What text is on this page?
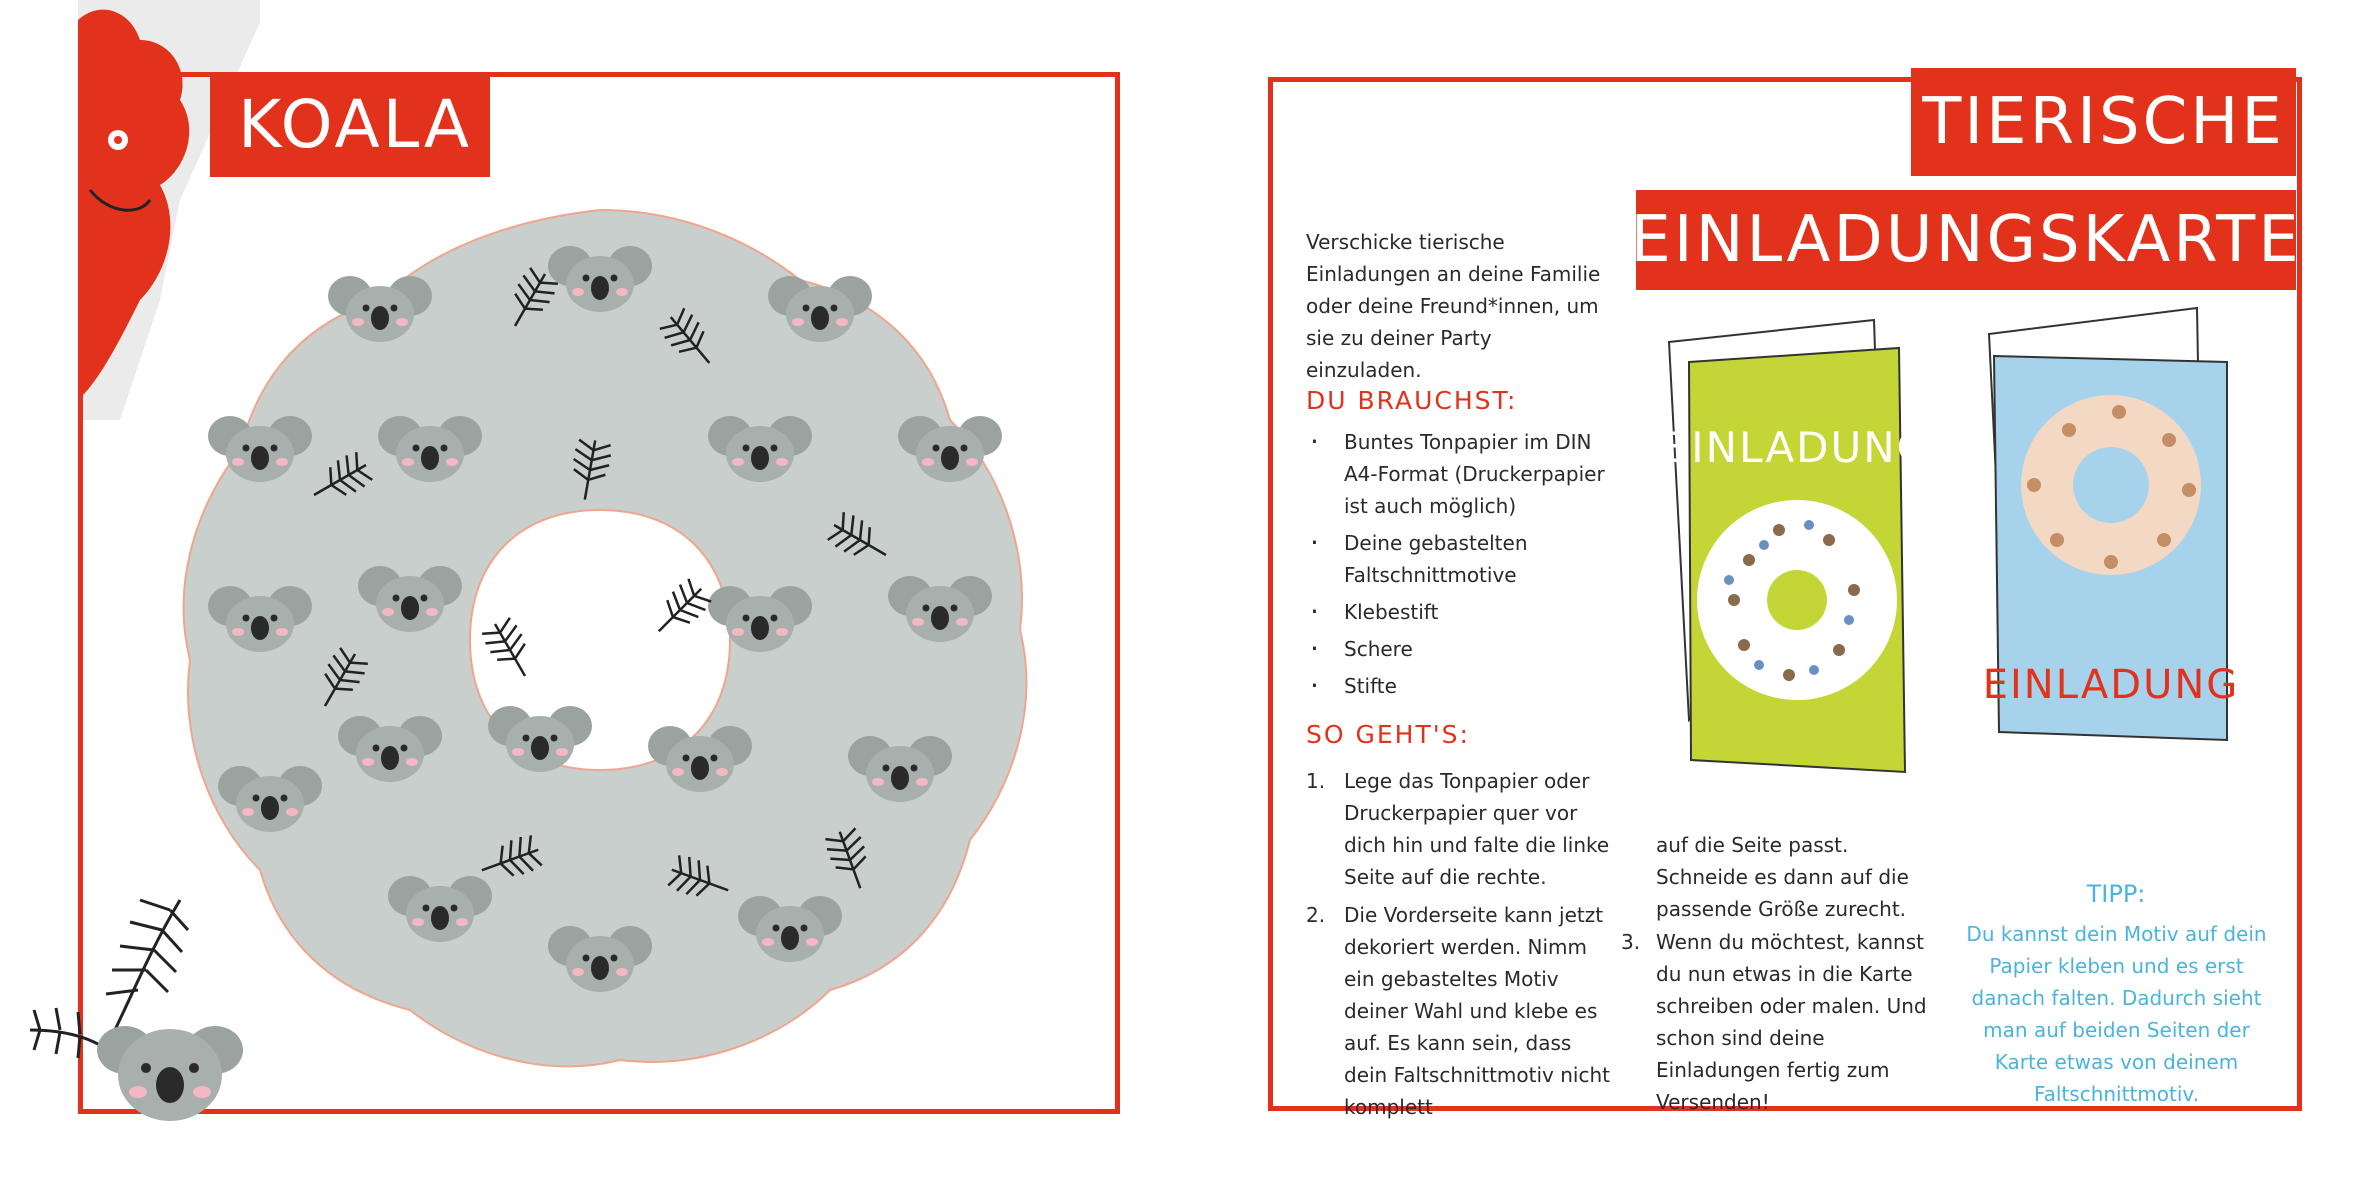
KOALA	TIERISCHE
EINLADUNGSKARTE
Verschicke tierische Einladungen an deine Familie oder deine Freund*innen, um sie zu deiner Party einzuladen.
DU BRAUCHST:
· Buntes Tonpapier im DIN A4-Format (Druckerpapier ist auch möglich)
· Deine gebastelten Faltschnittmotive
· Klebestift
· Schere
· Stifte
SO GEHT'S:
1. Lege das Tonpapier oder Druckerpapier quer vor dich hin und falte die linke Seite auf die rechte.
2. Die Vorderseite kann jetzt dekoriert werden. Nimm ein gebasteltes Motiv deiner Wahl und klebe es auf. Es kann sein, dass dein Faltschnittmotiv nicht komplett
auf die Seite passt. Schneide es dann auf die passende Größe zurecht.
3. Wenn du möchtest, kannst du nun etwas in die Karte schreiben oder malen. Und schon sind deine Einladungen fertig zum Versenden!
TIPP:
Du kannst dein Motiv auf dein Papier kleben und es erst danach falten. Dadurch sieht man auf beiden Seiten der Karte etwas von deinem Faltschnittmotiv.
EINLADUNG
EINLADUNG
